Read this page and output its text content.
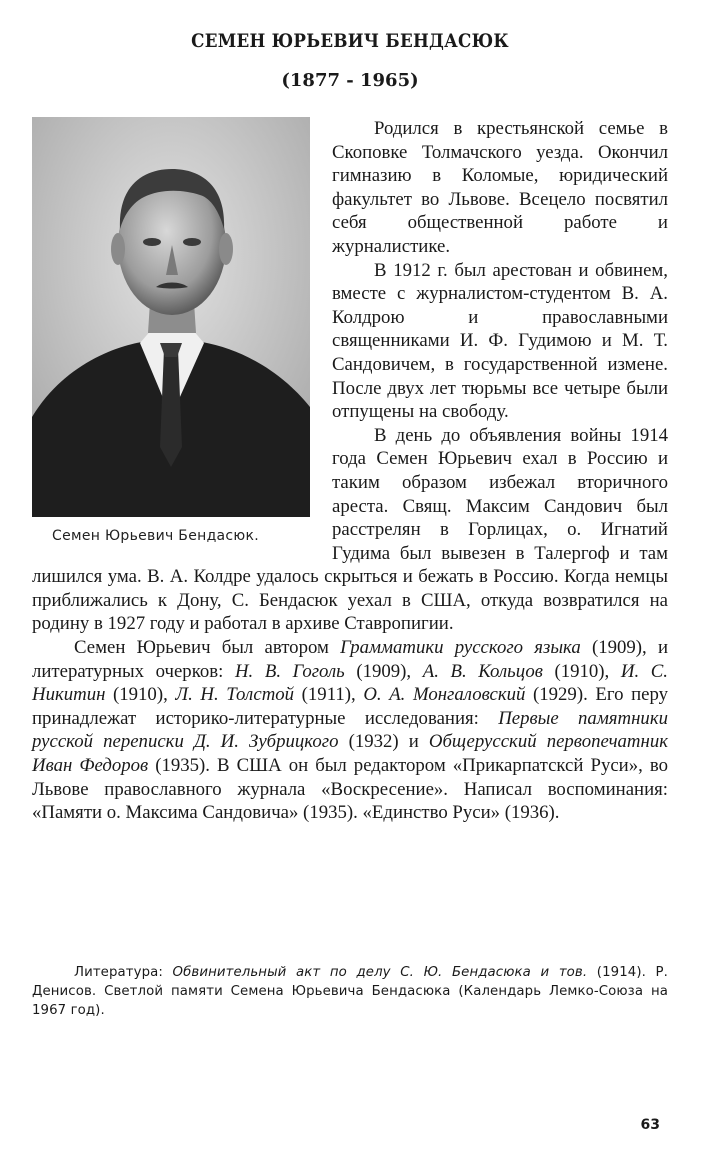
СЕМЕН ЮРЬЕВИЧ БЕНДАСЮК
(1877 - 1965)
Семен Юрьевич Бендасюк.

Родился в крестьянской семье в Скоповке Толмачского уезда. Окончил гимназию в Коломые, юридический факультет во Львове. Всецело посвятил себя общественной работе и журналистике.

В 1912 г. был арестован и обвинем, вместе с журналистом-студентом В. А. Колдрою и православными священниками И. Ф. Гудимою и М. Т. Сандовичем, в государственной измене. После двух лет тюрьмы все четыре были отпущены на свободу.

В день до объявления войны 1914 года Семен Юрьевич ехал в Россию и таким образом избежал вторичного ареста. Свящ. Максим Сандович был расстрелян в Горлицах, о. Игнатий Гудима был вывезен в Талергоф и там лишился ума. В. А. Колдре удалось скрыться и бежать в Россию. Когда немцы приближались к Дону, С. Бендасюк уехал в США, откуда возвратился на родину в 1927 году и работал в архиве Ставропигии.

Семен Юрьевич был автором Грамматики русского языка (1909), и литературных очерков: Н. В. Гоголь (1909), А. В. Кольцов (1910), И. С. Никитин (1910), Л. Н. Толстой (1911), О. А. Монгаловский (1929). Его перу принадлежат историко-литературные исследования: Первые памятники русской переписки Д. И. Зубрицкого (1932) и Общерусский первопечатник Иван Федоров (1935). В США он был редактором «Прикарпатсксй Руси», во Львове православного журнала «Воскресение». Написал воспоминания: «Памяти о. Максима Сандовича» (1935). «Единство Руси» (1936).

Литература: Обвинительный акт по делу С. Ю. Бендасюка и тов. (1914). Р. Денисов. Светлой памяти Семена Юрьевича Бендасюка (Календарь Лемко-Союза на 1967 год).
63
